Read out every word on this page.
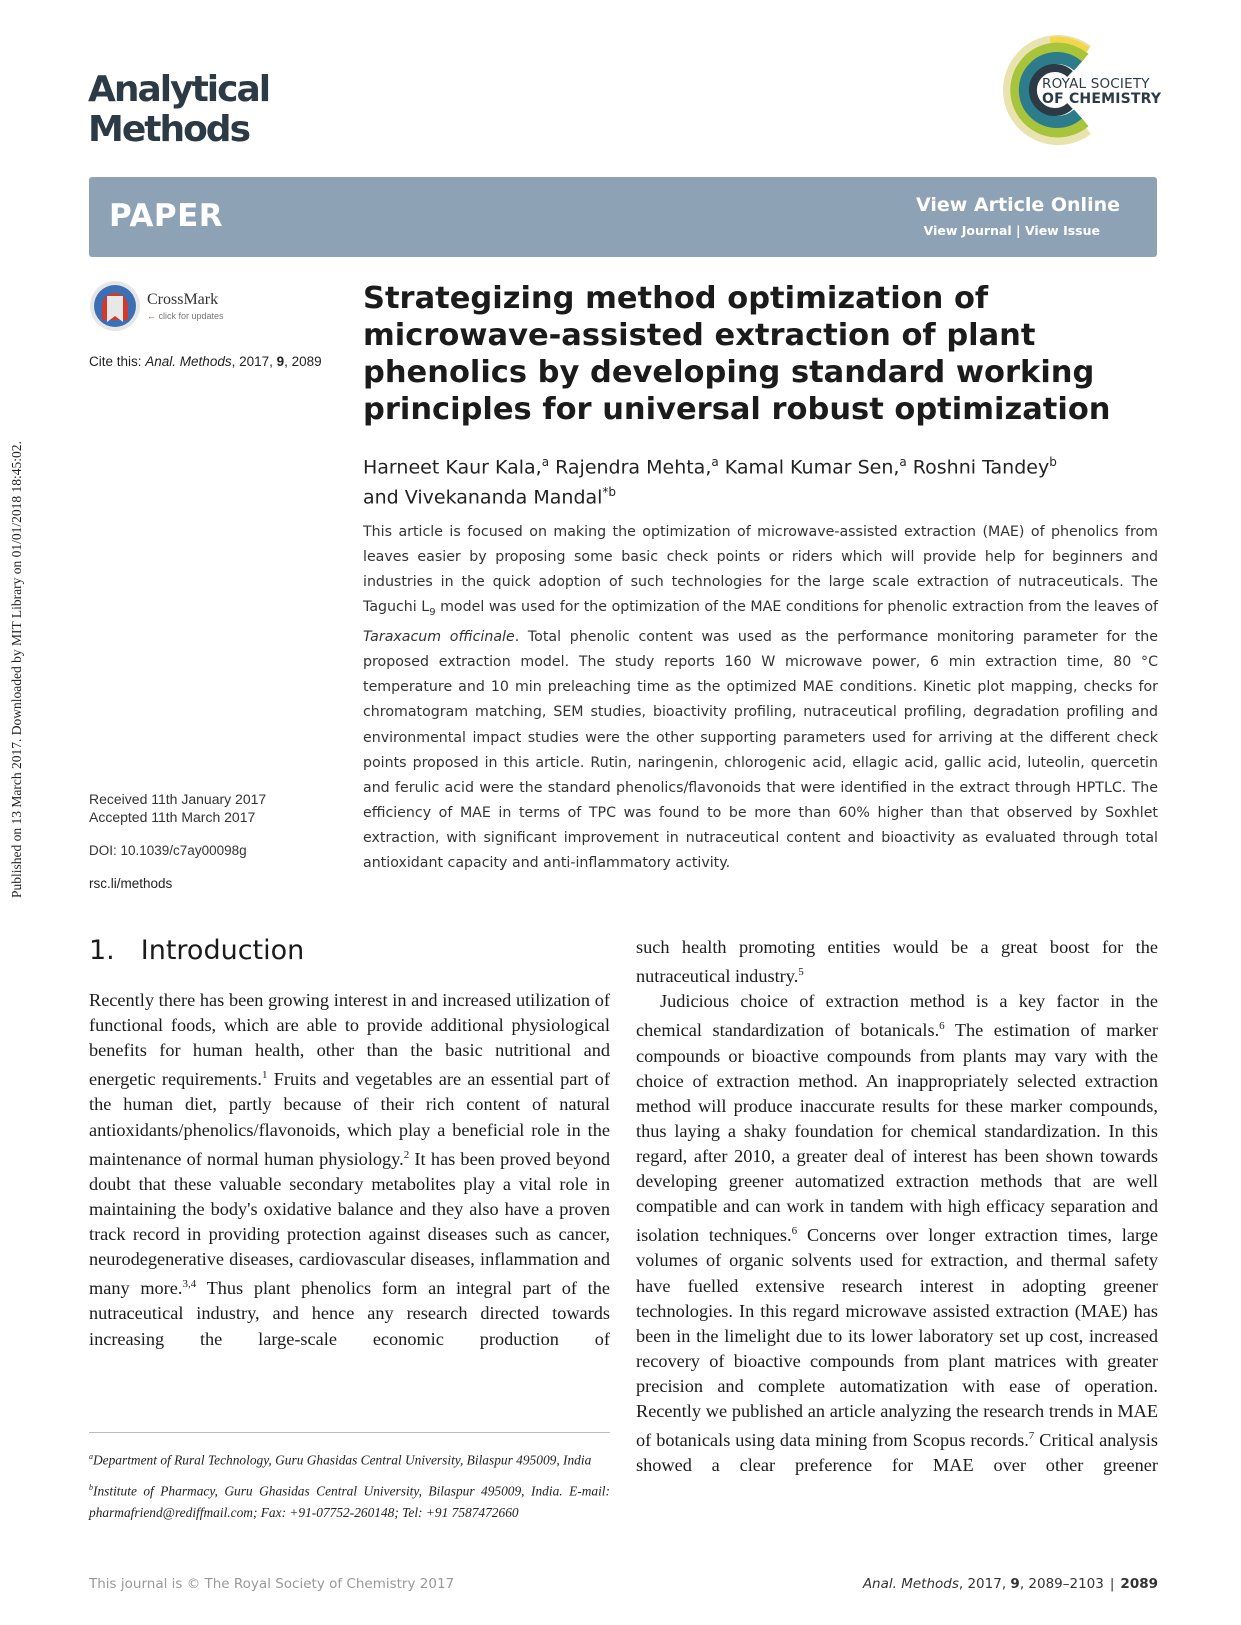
Published on 13 March 2017. Downloaded by MIT Library on 01/01/2018 18:45:02.
Analytical
Methods
ROYAL SOCIETY
OF CHEMISTRY
PAPER	View Article Online
View Journal | View Issue
CrossMark
← click for updates
Cite this: Anal. Methods, 2017, 9, 2089
Strategizing method optimization of microwave-assisted extraction of plant phenolics by developing standard working principles for universal robust optimization
Harneet Kaur Kala,$^a$ Rajendra Mehta,$^a$ Kamal Kumar Sen,$^a$ Roshni Tandey$^b$
and Vivekananda Mandal$^{*b}$

This article is focused on making the optimization of microwave-assisted extraction (MAE) of phenolics from leaves easier by proposing some basic check points or riders which will provide help for beginners and industries in the quick adoption of such technologies for the large scale extraction of nutraceuticals. The Taguchi $L_9$ model was used for the optimization of the MAE conditions for phenolic extraction from the leaves of Taraxacum officinale. Total phenolic content was used as the performance monitoring parameter for the proposed extraction model. The study reports 160 W microwave power, 6 min extraction time, 80 °C temperature and 10 min preleaching time as the optimized MAE conditions. Kinetic plot mapping, checks for chromatogram matching, SEM studies, bioactivity profiling, nutraceutical profiling, degradation profiling and environmental impact studies were the other supporting parameters used for arriving at the different check points proposed in this article. Rutin, naringenin, chlorogenic acid, ellagic acid, gallic acid, luteolin, quercetin and ferulic acid were the standard phenolics/flavonoids that were identified in the extract through HPTLC. The efficiency of MAE in terms of TPC was found to be more than 60% higher than that observed by Soxhlet extraction, with significant improvement in nutraceutical content and bioactivity as evaluated through total antioxidant capacity and anti-inflammatory activity.

Received 11th January 2017
Accepted 11th March 2017
DOI: 10.1039/c7ay00098g
rsc.li/methods
1. Introduction

Recently there has been growing interest in and increased utilization of functional foods, which are able to provide additional physiological benefits for human health, other than the basic nutritional and energetic requirements.$^1$ Fruits and vegetables are an essential part of the human diet, partly because of their rich content of natural antioxidants/phenolics/flavonoids, which play a beneficial role in the maintenance of normal human physiology.$^2$ It has been proved beyond doubt that these valuable secondary metabolites play a vital role in maintaining the body's oxidative balance and they also have a proven track record in providing protection against diseases such as cancer, neurodegenerative diseases, cardiovascular diseases, inflammation and many more.$^{3,4}$ Thus plant phenolics form an integral part of the nutraceutical industry, and hence any research directed towards increasing the large-scale economic production of

such health promoting entities would be a great boost for the nutraceutical industry.$^5$

Judicious choice of extraction method is a key factor in the chemical standardization of botanicals.$^6$ The estimation of marker compounds or bioactive compounds from plants may vary with the choice of extraction method. An inappropriately selected extraction method will produce inaccurate results for these marker compounds, thus laying a shaky foundation for chemical standardization. In this regard, after 2010, a greater deal of interest has been shown towards developing greener automatized extraction methods that are well compatible and can work in tandem with high efficacy separation and isolation techniques.$^6$ Concerns over longer extraction times, large volumes of organic solvents used for extraction, and thermal safety have fuelled extensive research interest in adopting greener technologies. In this regard microwave assisted extraction (MAE) has been in the limelight due to its lower laboratory set up cost, increased recovery of bioactive compounds from plant matrices with greater precision and complete automatization with ease of operation. Recently we published an article analyzing the research trends in MAE of botanicals using data mining from Scopus records.$^7$ Critical analysis showed a clear preference for MAE over other greener

$^a$Department of Rural Technology, Guru Ghasidas Central University, Bilaspur 495009, India

$^b$Institute of Pharmacy, Guru Ghasidas Central University, Bilaspur 495009, India. E-mail: pharmafriend@rediffmail.com; Fax: +91-07752-260148; Tel: +91 7587472660

This journal is © The Royal Society of Chemistry 2017	Anal. Methods, 2017, 9, 2089–2103 | 2089
